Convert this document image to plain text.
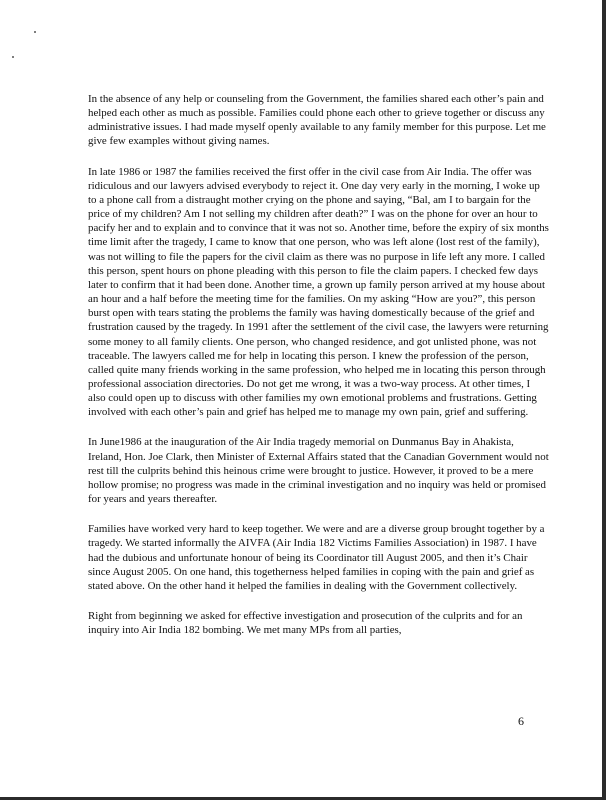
In the absence of any help or counseling from the Government, the families shared each other’s pain and helped each other as much as possible. Families could phone each other to grieve together or discuss any administrative issues. I had made myself openly available to any family member for this purpose. Let me give few examples without giving names.

In late 1986 or 1987 the families received the first offer in the civil case from Air India. The offer was ridiculous and our lawyers advised everybody to reject it. One day very early in the morning, I woke up to a phone call from a distraught mother crying on the phone and saying, “Bal, am I to bargain for the price of my children? Am I not selling my children after death?” I was on the phone for over an hour to pacify her and to explain and to convince that it was not so. Another time, before the expiry of six months time limit after the tragedy, I came to know that one person, who was left alone (lost rest of the family), was not willing to file the papers for the civil claim as there was no purpose in life left any more. I called this person, spent hours on phone pleading with this person to file the claim papers. I checked few days later to confirm that it had been done. Another time, a grown up family person arrived at my house about an hour and a half before the meeting time for the families. On my asking “How are you?”, this person burst open with tears stating the problems the family was having domestically because of the grief and frustration caused by the tragedy. In 1991 after the settlement of the civil case, the lawyers were returning some money to all family clients. One person, who changed residence, and got unlisted phone, was not traceable. The lawyers called me for help in locating this person. I knew the profession of the person, called quite many friends working in the same profession, who helped me in locating this person through professional association directories. Do not get me wrong, it was a two-way process. At other times, I also could open up to discuss with other families my own emotional problems and frustrations. Getting involved with each other’s pain and grief has helped me to manage my own pain, grief and suffering.

In June1986 at the inauguration of the Air India tragedy memorial on Dunmanus Bay in Ahakista, Ireland, Hon. Joe Clark, then Minister of External Affairs stated that the Canadian Government would not rest till the culprits behind this heinous crime were brought to justice. However, it proved to be a mere hollow promise; no progress was made in the criminal investigation and no inquiry was held or promised for years and years thereafter.

Families have worked very hard to keep together. We were and are a diverse group brought together by a tragedy. We started informally the AIVFA (Air India 182 Victims Families Association) in 1987. I have had the dubious and unfortunate honour of being its Coordinator till August 2005, and then it’s Chair since August 2005. On one hand, this togetherness helped families in coping with the pain and grief as stated above. On the other hand it helped the families in dealing with the Government collectively.

Right from beginning we asked for effective investigation and prosecution of the culprits and for an inquiry into Air India 182 bombing. We met many MPs from all parties,

6
